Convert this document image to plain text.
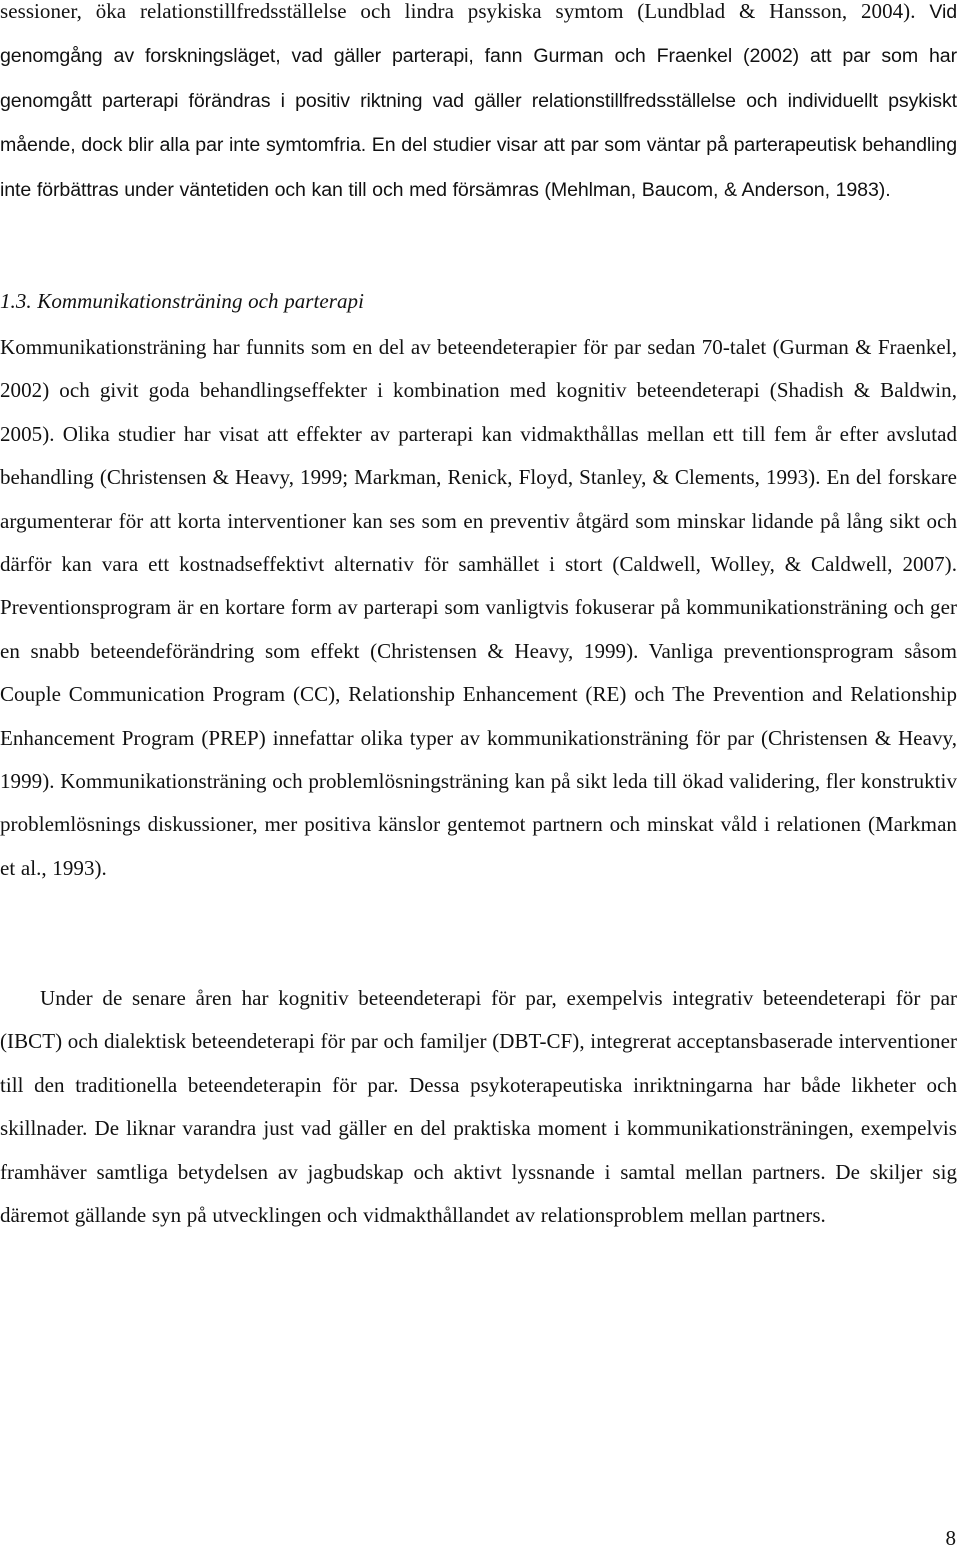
sessioner, öka relationstillfredsställelse och lindra psykiska symtom (Lundblad & Hansson, 2004). Vid genomgång av forskningsläget, vad gäller parterapi, fann Gurman och Fraenkel (2002) att par som har genomgått parterapi förändras i positiv riktning vad gäller relationstillfredsställelse och individuellt psykiskt mående, dock blir alla par inte symtomfria. En del studier visar att par som väntar på parterapeutisk behandling inte förbättras under väntetiden och kan till och med försämras (Mehlman, Baucom, & Anderson, 1983).

1.3. Kommunikationsträning och parterapi

Kommunikationsträning har funnits som en del av beteendeterapier för par sedan 70-talet (Gurman & Fraenkel, 2002) och givit goda behandlingseffekter i kombination med kognitiv beteendeterapi (Shadish & Baldwin, 2005). Olika studier har visat att effekter av parterapi kan vidmakthållas mellan ett till fem år efter avslutad behandling (Christensen & Heavy, 1999; Markman, Renick, Floyd, Stanley, & Clements, 1993). En del forskare argumenterar för att korta interventioner kan ses som en preventiv åtgärd som minskar lidande på lång sikt och därför kan vara ett kostnadseffektivt alternativ för samhället i stort (Caldwell, Wolley, & Caldwell, 2007). Preventionsprogram är en kortare form av parterapi som vanligtvis fokuserar på kommunikationsträning och ger en snabb beteendeförändring som effekt (Christensen & Heavy, 1999). Vanliga preventionsprogram såsom Couple Communication Program (CC), Relationship Enhancement (RE) och The Prevention and Relationship Enhancement Program (PREP) innefattar olika typer av kommunikationsträning för par (Christensen & Heavy, 1999). Kommunikationsträning och problemlösningsträning kan på sikt leda till ökad validering, fler konstruktiv problemlösnings diskussioner, mer positiva känslor gentemot partnern och minskat våld i relationen (Markman et al., 1993).

Under de senare åren har kognitiv beteendeterapi för par, exempelvis integrativ beteendeterapi för par (IBCT) och dialektisk beteendeterapi för par och familjer (DBT-CF), integrerat acceptansbaserade interventioner till den traditionella beteendeterapin för par. Dessa psykoterapeutiska inriktningarna har både likheter och skillnader. De liknar varandra just vad gäller en del praktiska moment i kommunikationsträningen, exempelvis framhäver samtliga betydelsen av jagbudskap och aktivt lyssnande i samtal mellan partners. De skiljer sig däremot gällande syn på utvecklingen och vidmakthållandet av relationsproblem mellan partners.

8
